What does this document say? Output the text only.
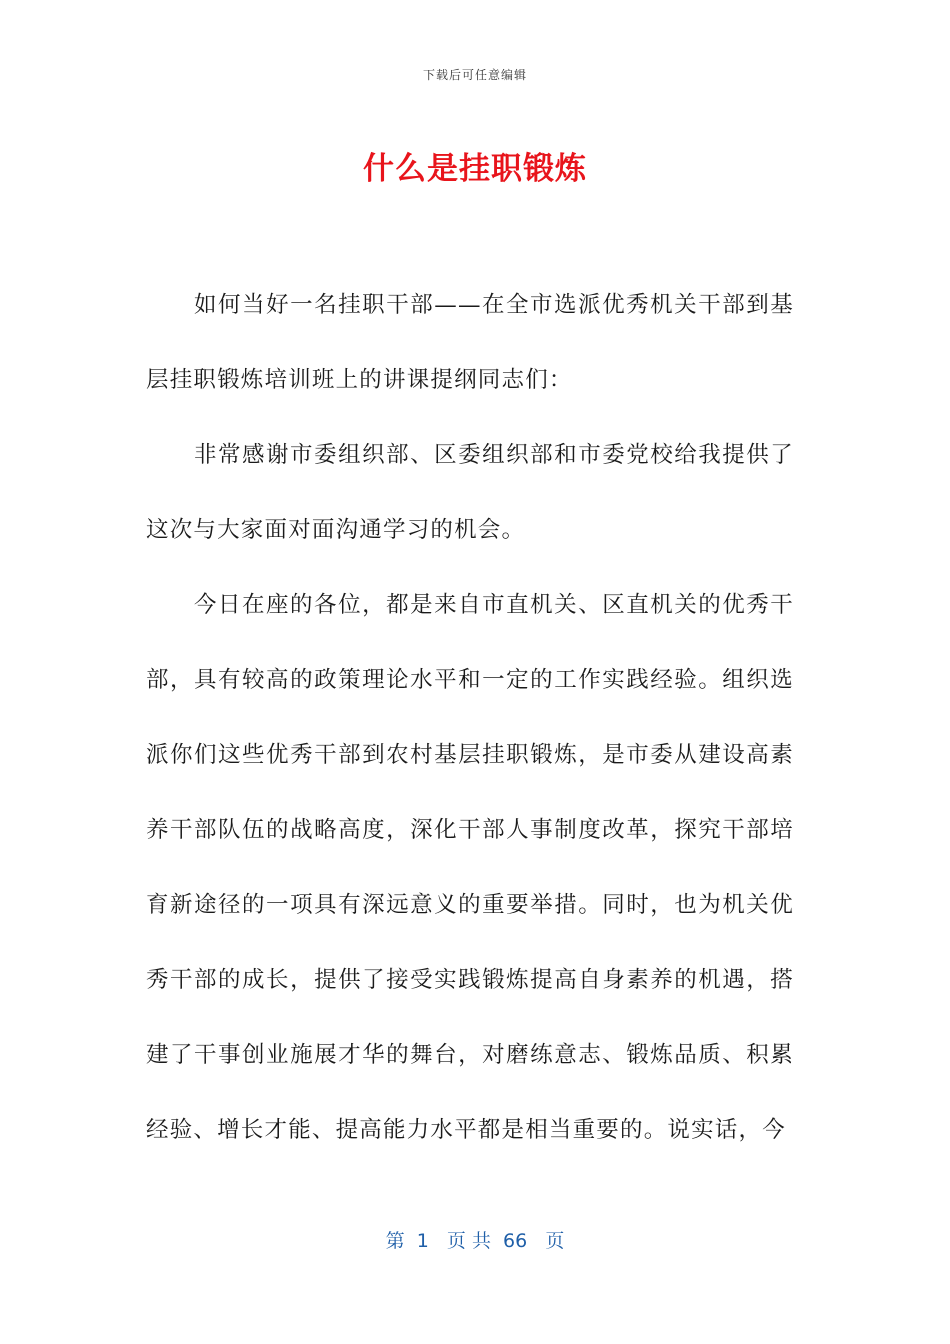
下载后可任意编辑
什么是挂职锻炼

如何当好一名挂职干部——在全市选派优秀机关干部到基层挂职锻炼培训班上的讲课提纲同志们：

非常感谢市委组织部、区委组织部和市委党校给我提供了这次与大家面对面沟通学习的机会。

今日在座的各位，都是来自市直机关、区直机关的优秀干部，具有较高的政策理论水平和一定的工作实践经验。组织选派你们这些优秀干部到农村基层挂职锻炼，是市委从建设高素养干部队伍的战略高度，深化干部人事制度改革，探究干部培育新途径的一项具有深远意义的重要举措。同时，也为机关优秀干部的成长，提供了接受实践锻炼提高自身素养的机遇，搭建了干事创业施展才华的舞台，对磨练意志、锻炼品质、积累经验、增长才能、提高能力水平都是相当重要的。说实话，今

第  1   页 共  66   页
